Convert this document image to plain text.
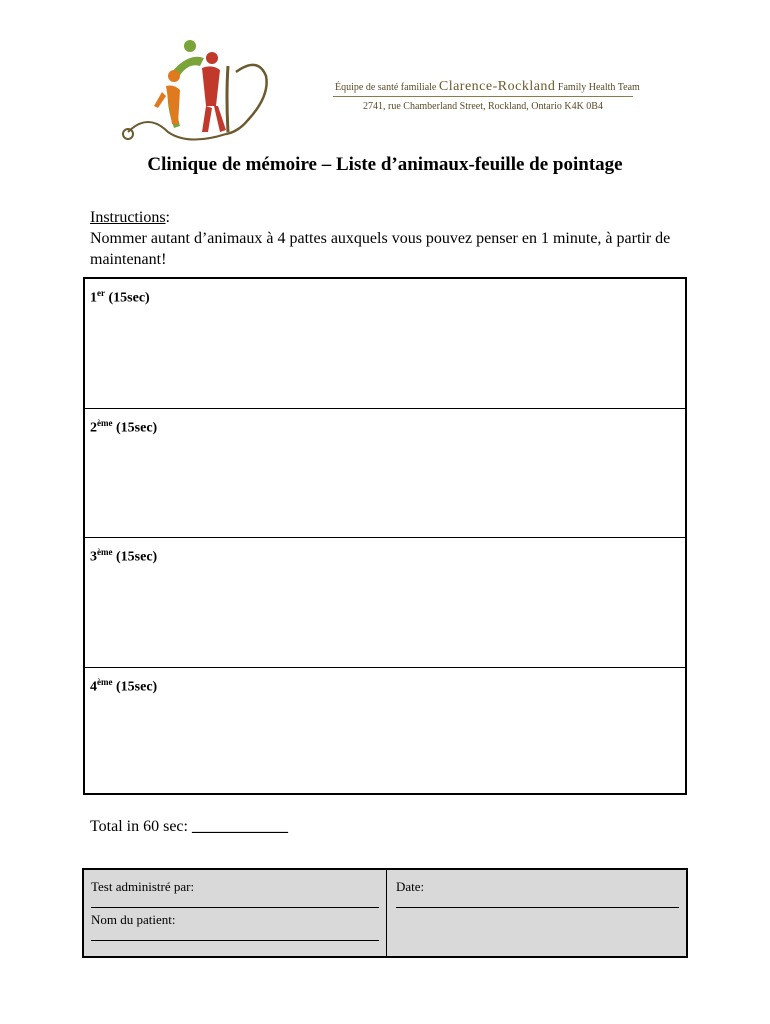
Équipe de santé familiale Clarence-Rockland Family Health Team
2741, rue Chamberland Street, Rockland, Ontario K4K 0B4
Clinique de mémoire – Liste d’animaux-feuille de pointage
Instructions:
Nommer autant d’animaux à 4 pattes auxquels vous pouvez penser en 1 minute, à partir de maintenant!
1er (15sec)
2ème (15sec)
3ème (15sec)
4ème (15sec)
Total in 60 sec: ____________
Test administré par:
Nom du patient:
Date:
